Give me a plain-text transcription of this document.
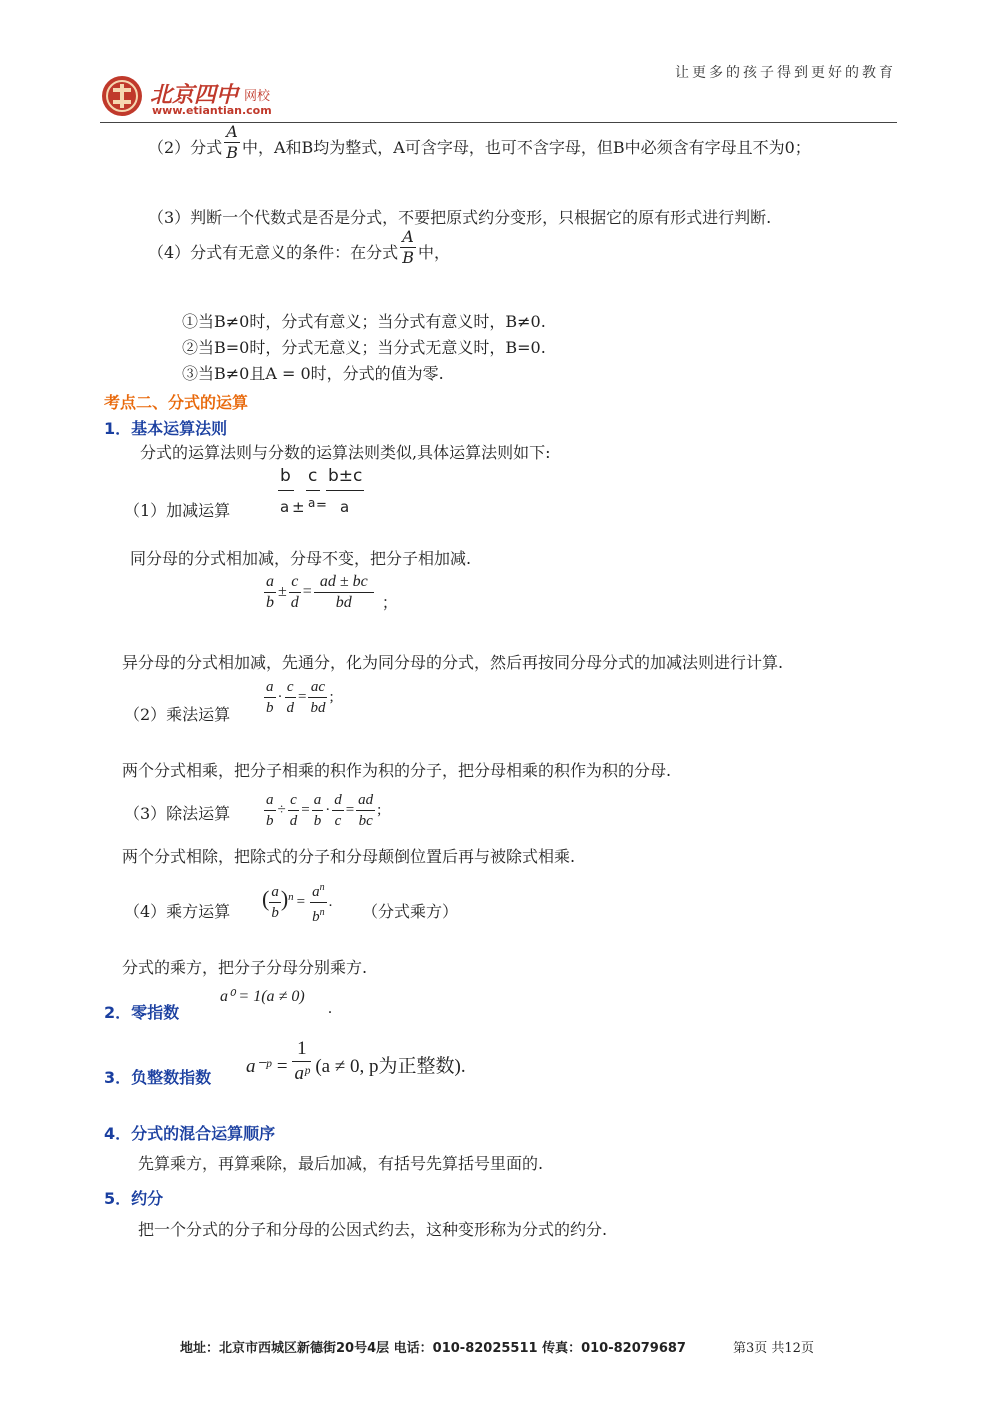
北京四中 网校
www.etiantian.com
让更多的孩子得到更好的教育
（2）分式 $\frac{A}{B}$ 中，A和B均为整式，A可含字母，也可不含字母，但B中必须含有字母且不为0；
（3）判断一个代数式是否是分式，不要把原式约分变形，只根据它的原有形式进行判断.
（4）分式有无意义的条件：在分式 $\frac{A}{B}$ 中，
①当B≠0时，分式有意义；当分式有意义时，B≠0.
②当B=0时，分式无意义；当分式无意义时，B=0.
③当B≠0且A = 0时，分式的值为零.
考点二、分式的运算
1．基本运算法则
分式的运算法则与分数的运算法则类似,具体运算法则如下:
（1）加减运算
b c b±c
a ± a = a
同分母的分式相加减，分母不变，把分子相加减.
$\frac{a}{b} \pm \frac{c}{d} = \frac{ad \pm bc}{bd}$ ；
异分母的分式相加减，先通分，化为同分母的分式，然后再按同分母分式的加减法则进行计算.
（2）乘法运算 $\frac{a}{b} \cdot \frac{c}{d} = \frac{ac}{bd}$ ;
两个分式相乘，把分子相乘的积作为积的分子，把分母相乘的积作为积的分母.
（3）除法运算 $\frac{a}{b} \div \frac{c}{d} = \frac{a}{b} \cdot \frac{d}{c} = \frac{ad}{bc}$ ;
两个分式相除，把除式的分子和分母颠倒位置后再与被除式相乘.
（4）乘方运算
( $\frac{a}{b} )^n = \frac{a^n}{b^n}$ .
（分式乘方）
分式的乘方，把分子分母分别乘方.
2．零指数
a⁰ = 1(a ≠ 0)
.
3．负整数指数
a⁻ᵖ = $\frac{1}{\text{aᵖ}} (a \ne 0$, p为正整数).
4．分式的混合运算顺序
先算乘方，再算乘除，最后加减，有括号先算括号里面的.
5．约分
把一个分式的分子和分母的公因式约去，这种变形称为分式的约分.
地址：北京市西城区新德街20号4层 电话：010-82025511 传真：010-82079687	第3页 共12页
